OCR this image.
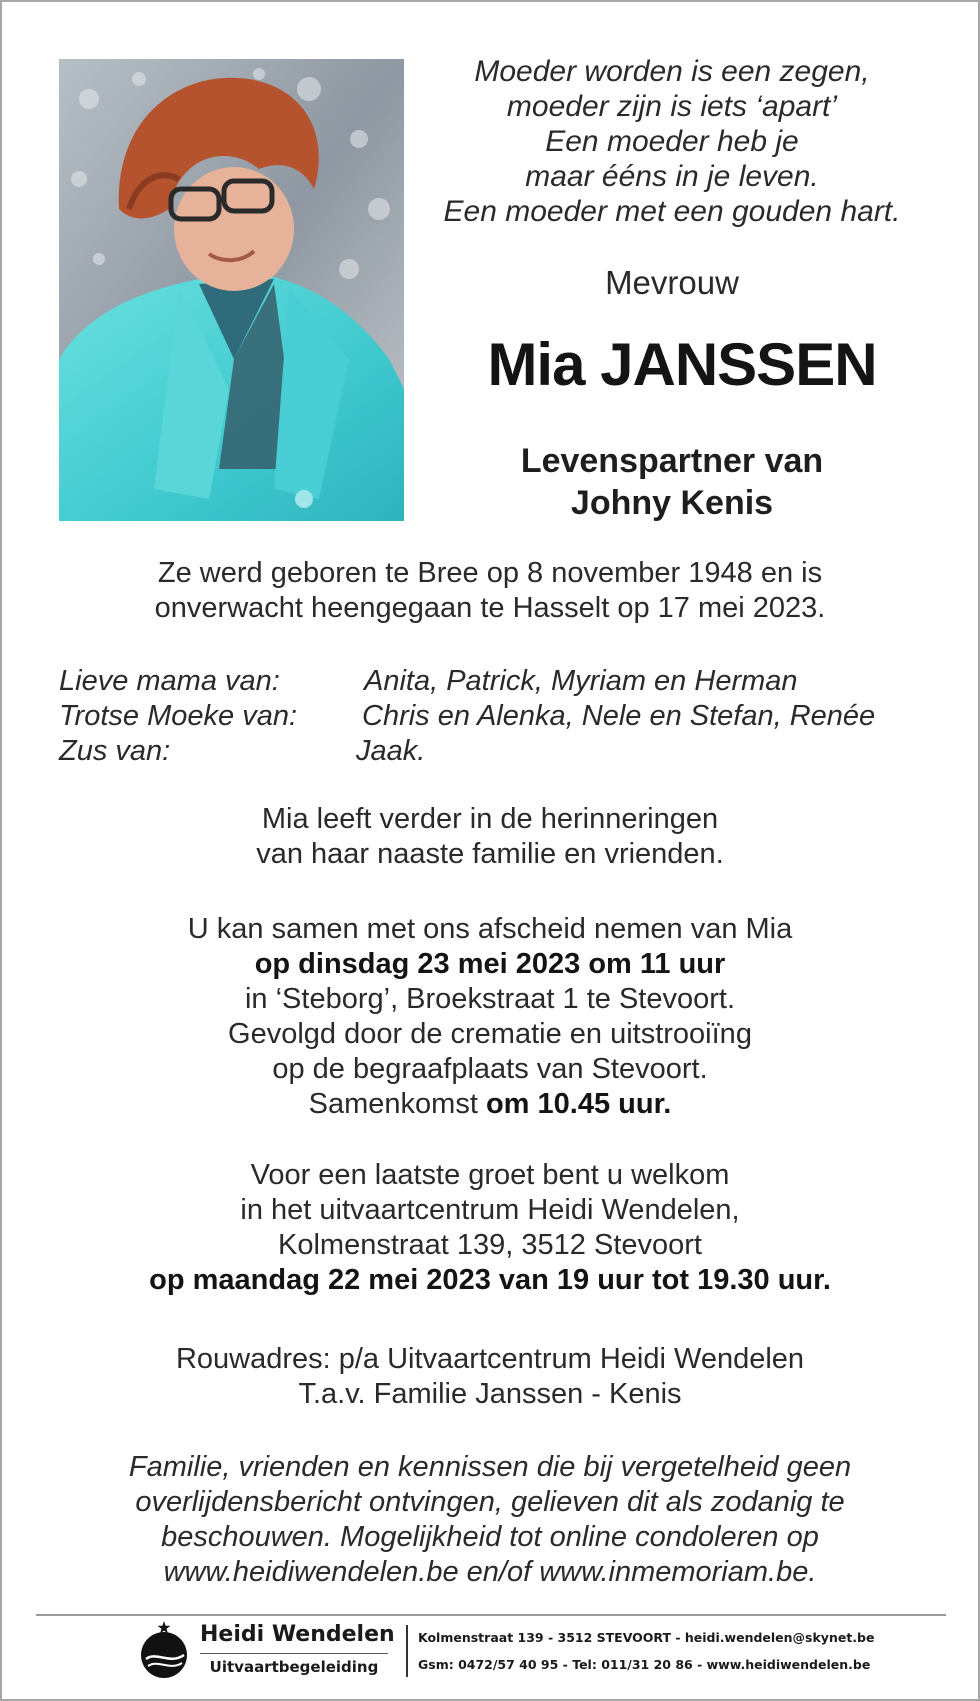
Moeder worden is een zegen,
moeder zijn is iets ‘apart’
Een moeder heb je
maar ééns in je leven.
Een moeder met een gouden hart.
Mevrouw
Mia JANSSEN
Levenspartner van
Johny Kenis
Ze werd geboren te Bree op 8 november 1948 en is
onverwacht heengegaan te Hasselt op 17 mei 2023.
Lieve mama van:	Anita, Patrick, Myriam en Herman
Trotse Moeke van: Chris en Alenka, Nele en Stefan, Renée
Zus van:	Jaak.
Mia leeft verder in de herinneringen
van haar naaste familie en vrienden.
U kan samen met ons afscheid nemen van Mia
op dinsdag 23 mei 2023 om 11 uur
in ‘Steborg’, Broekstraat 1 te Stevoort.
Gevolgd door de crematie en uitstrooiïng
op de begraafplaats van Stevoort.
Samenkomst om 10.45 uur.
Voor een laatste groet bent u welkom
in het uitvaartcentrum Heidi Wendelen,
Kolmenstraat 139, 3512 Stevoort
op maandag 22 mei 2023 van 19 uur tot 19.30 uur.
Rouwadres: p/a Uitvaartcentrum Heidi Wendelen
T.a.v. Familie Janssen - Kenis
Familie, vrienden en kennissen die bij vergetelheid geen
overlijdensbericht ontvingen, gelieven dit als zodanig te
beschouwen. Mogelijkheid tot online condoleren op
www.heidiwendelen.be en/of www.inmemoriam.be.
Heidi Wendelen
Uitvaartbegeleiding
Kolmenstraat 139 - 3512 STEVOORT - heidi.wendelen@skynet.be
Gsm: 0472/57 40 95 - Tel: 011/31 20 86 - www.heidiwendelen.be
